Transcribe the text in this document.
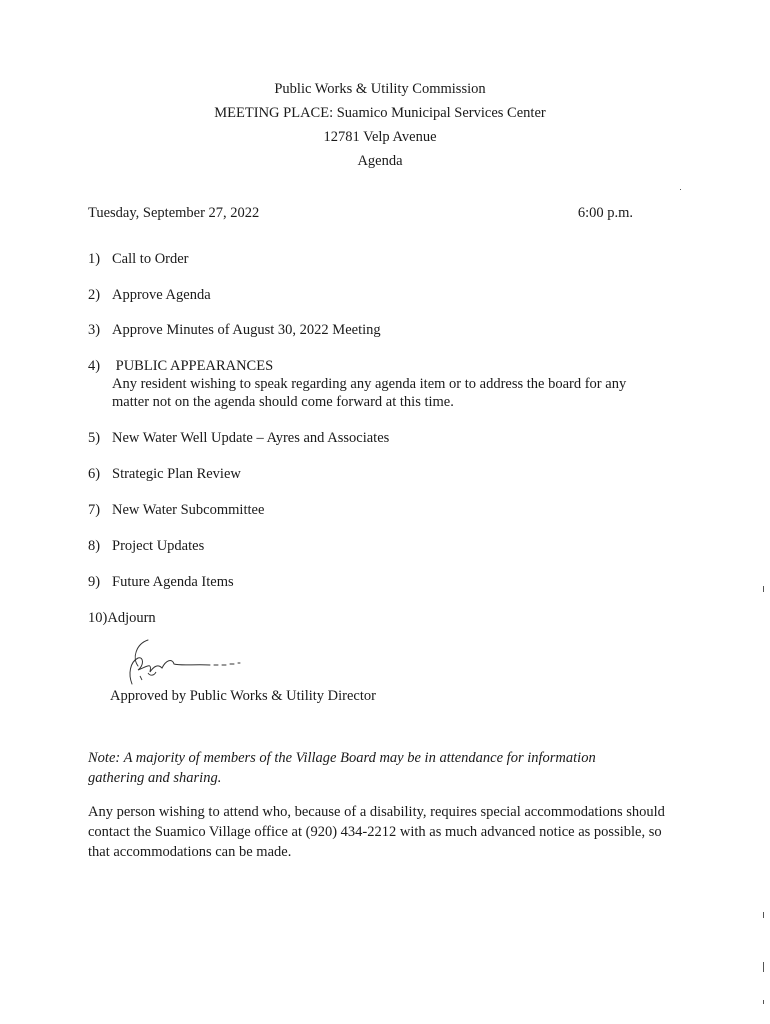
Public Works & Utility Commission
MEETING PLACE: Suamico Municipal Services Center
12781 Velp Avenue
Agenda
Tuesday, September 27, 2022	6:00 p.m.
1) Call to Order
2) Approve Agenda
3) Approve Minutes of August 30, 2022 Meeting
4) PUBLIC APPEARANCES
Any resident wishing to speak regarding any agenda item or to address the board for any matter not on the agenda should come forward at this time.
5) New Water Well Update – Ayres and Associates
6) Strategic Plan Review
7) New Water Subcommittee
8) Project Updates
9) Future Agenda Items
10)Adjourn
Approved by Public Works & Utility Director
Note: A majority of members of the Village Board may be in attendance for information gathering and sharing.
Any person wishing to attend who, because of a disability, requires special accommodations should contact the Suamico Village office at (920) 434-2212 with as much advanced notice as possible, so that accommodations can be made.
